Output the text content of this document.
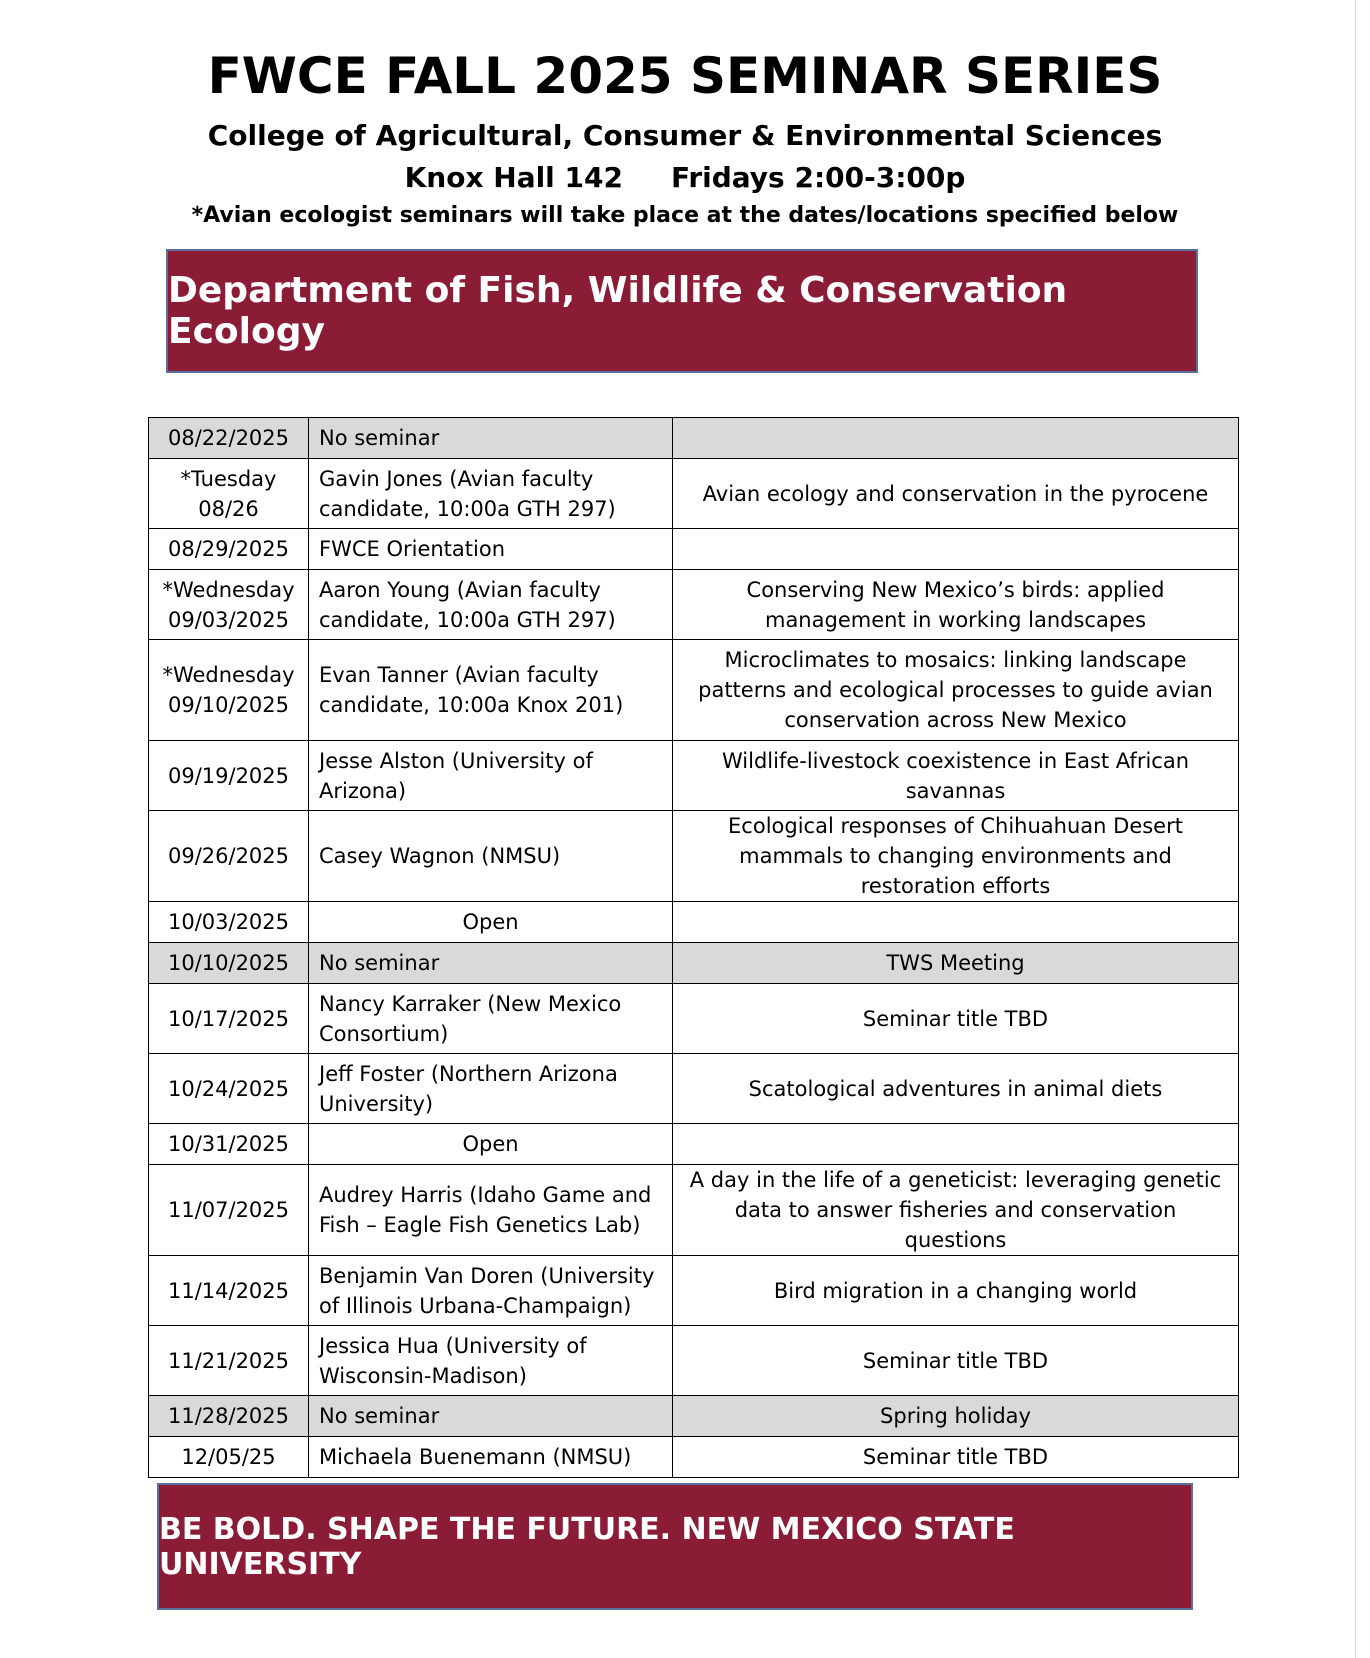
FWCE FALL 2025 SEMINAR SERIES
College of Agricultural, Consumer & Environmental Sciences
Knox Hall 142 Fridays 2:00-3:00p
*Avian ecologist seminars will take place at the dates/locations specified below
Department of Fish, Wildlife & Conservation Ecology
08/22/2025	No seminar	
*Tuesday 08/26	Gavin Jones (Avian faculty candidate, 10:00a GTH 297)	Avian ecology and conservation in the pyrocene
08/29/2025	FWCE Orientation	
*Wednesday 09/03/2025	Aaron Young (Avian faculty candidate, 10:00a GTH 297)	Conserving New Mexico’s birds: applied management in working landscapes
*Wednesday 09/10/2025	Evan Tanner (Avian faculty candidate, 10:00a Knox 201)	Microclimates to mosaics: linking landscape patterns and ecological processes to guide avian conservation across New Mexico
09/19/2025	Jesse Alston (University of Arizona)	Wildlife-livestock coexistence in East African savannas
09/26/2025	Casey Wagnon (NMSU)	Ecological responses of Chihuahuan Desert mammals to changing environments and restoration efforts
10/03/2025	Open	
10/10/2025	No seminar	TWS Meeting
10/17/2025	Nancy Karraker (New Mexico Consortium)	Seminar title TBD
10/24/2025	Jeff Foster (Northern Arizona University)	Scatological adventures in animal diets
10/31/2025	Open	
11/07/2025	Audrey Harris (Idaho Game and Fish – Eagle Fish Genetics Lab)	A day in the life of a geneticist: leveraging genetic data to answer fisheries and conservation questions
11/14/2025	Benjamin Van Doren (University of Illinois Urbana-Champaign)	Bird migration in a changing world
11/21/2025	Jessica Hua (University of Wisconsin-Madison)	Seminar title TBD
11/28/2025	No seminar	Spring holiday
12/05/25	Michaela Buenemann (NMSU)	Seminar title TBD
BE BOLD. SHAPE THE FUTURE. NEW MEXICO STATE UNIVERSITY
